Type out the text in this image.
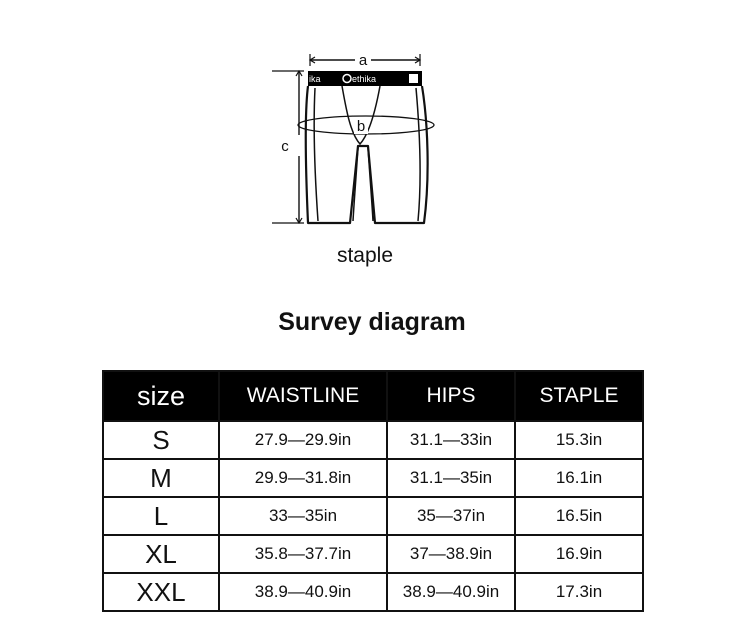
a
c
ika	ethika
b
staple
Survey diagram
size	WAISTLINE	HIPS	STAPLE
S	27.9—29.9in	31.1—33in	15.3in
M	29.9—31.8in	31.1—35in	16.1in
L	33—35in	35—37in	16.5in
XL	35.8—37.7in	37—38.9in	16.9in
XXL	38.9—40.9in	38.9—40.9in	17.3in
